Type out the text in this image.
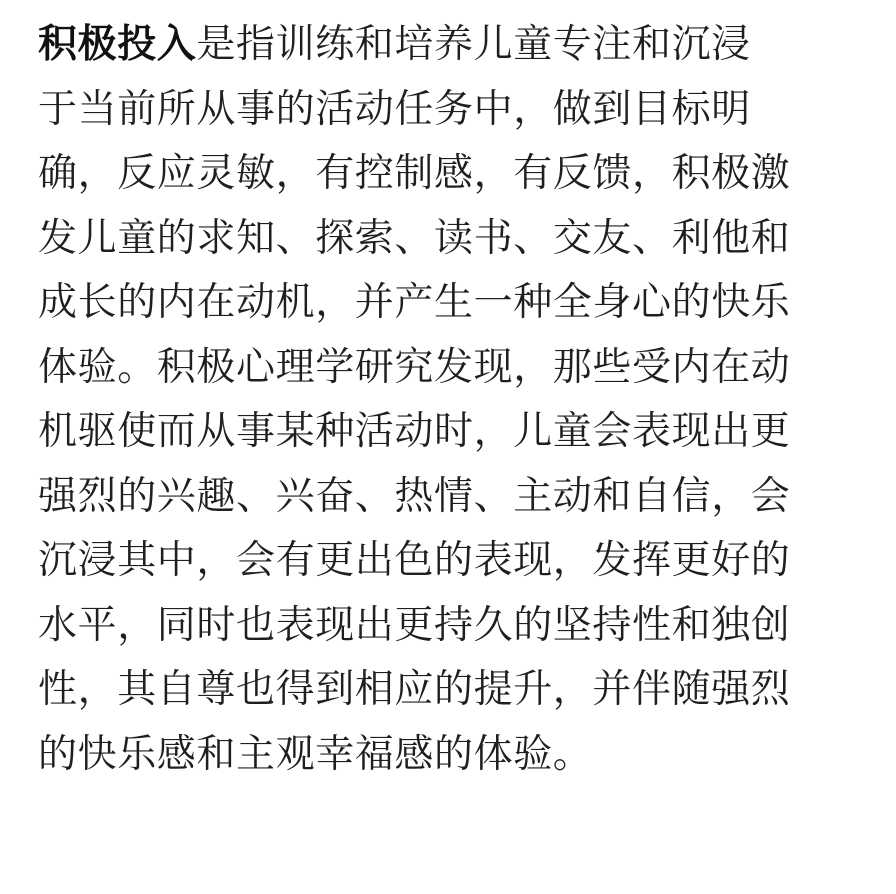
积极投入是指训练和培养儿童专注和沉浸
于当前所从事的活动任务中，做到目标明
确，反应灵敏，有控制感，有反馈，积极激
发儿童的求知、探索、读书、交友、利他和
成长的内在动机，并产生一种全身心的快乐
体验。积极心理学研究发现，那些受内在动
机驱使而从事某种活动时，儿童会表现出更
强烈的兴趣、兴奋、热情、主动和自信，会
沉浸其中，会有更出色的表现，发挥更好的
水平，同时也表现出更持久的坚持性和独创
性，其自尊也得到相应的提升，并伴随强烈
的快乐感和主观幸福感的体验。
